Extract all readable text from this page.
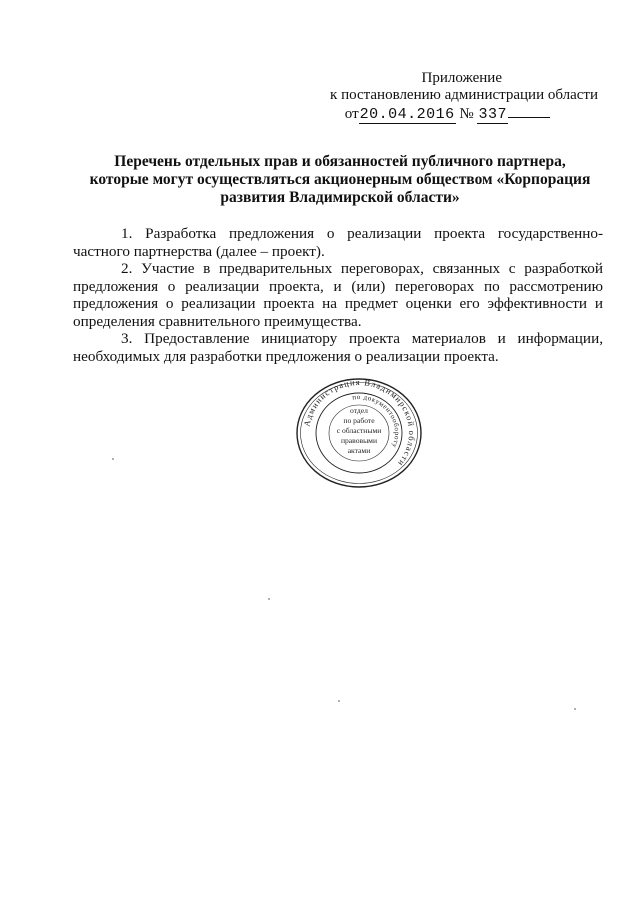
Приложение
к постановлению администрации области
от20.04.2016 № 337
Перечень отдельных прав и обязанностей публичного партнера,
которые могут осуществляться акционерным обществом «Корпорация
развития Владимирской области»

1. Разработка предложения о реализации проекта государственно-частного партнерства (далее – проект).

2. Участие в предварительных переговорах, связанных с разработкой предложения о реализации проекта, и (или) переговорах по рассмотрению предложения о реализации проекта на предмет оценки его эффективности и определения сравнительного преимущества.

3. Предоставление инициатору проекта материалов и информации, необходимых для разработки предложения о реализации проекта.

Администрация Владимирской области
по документообороту
отдел
по работе
с областными
правовыми
актами
